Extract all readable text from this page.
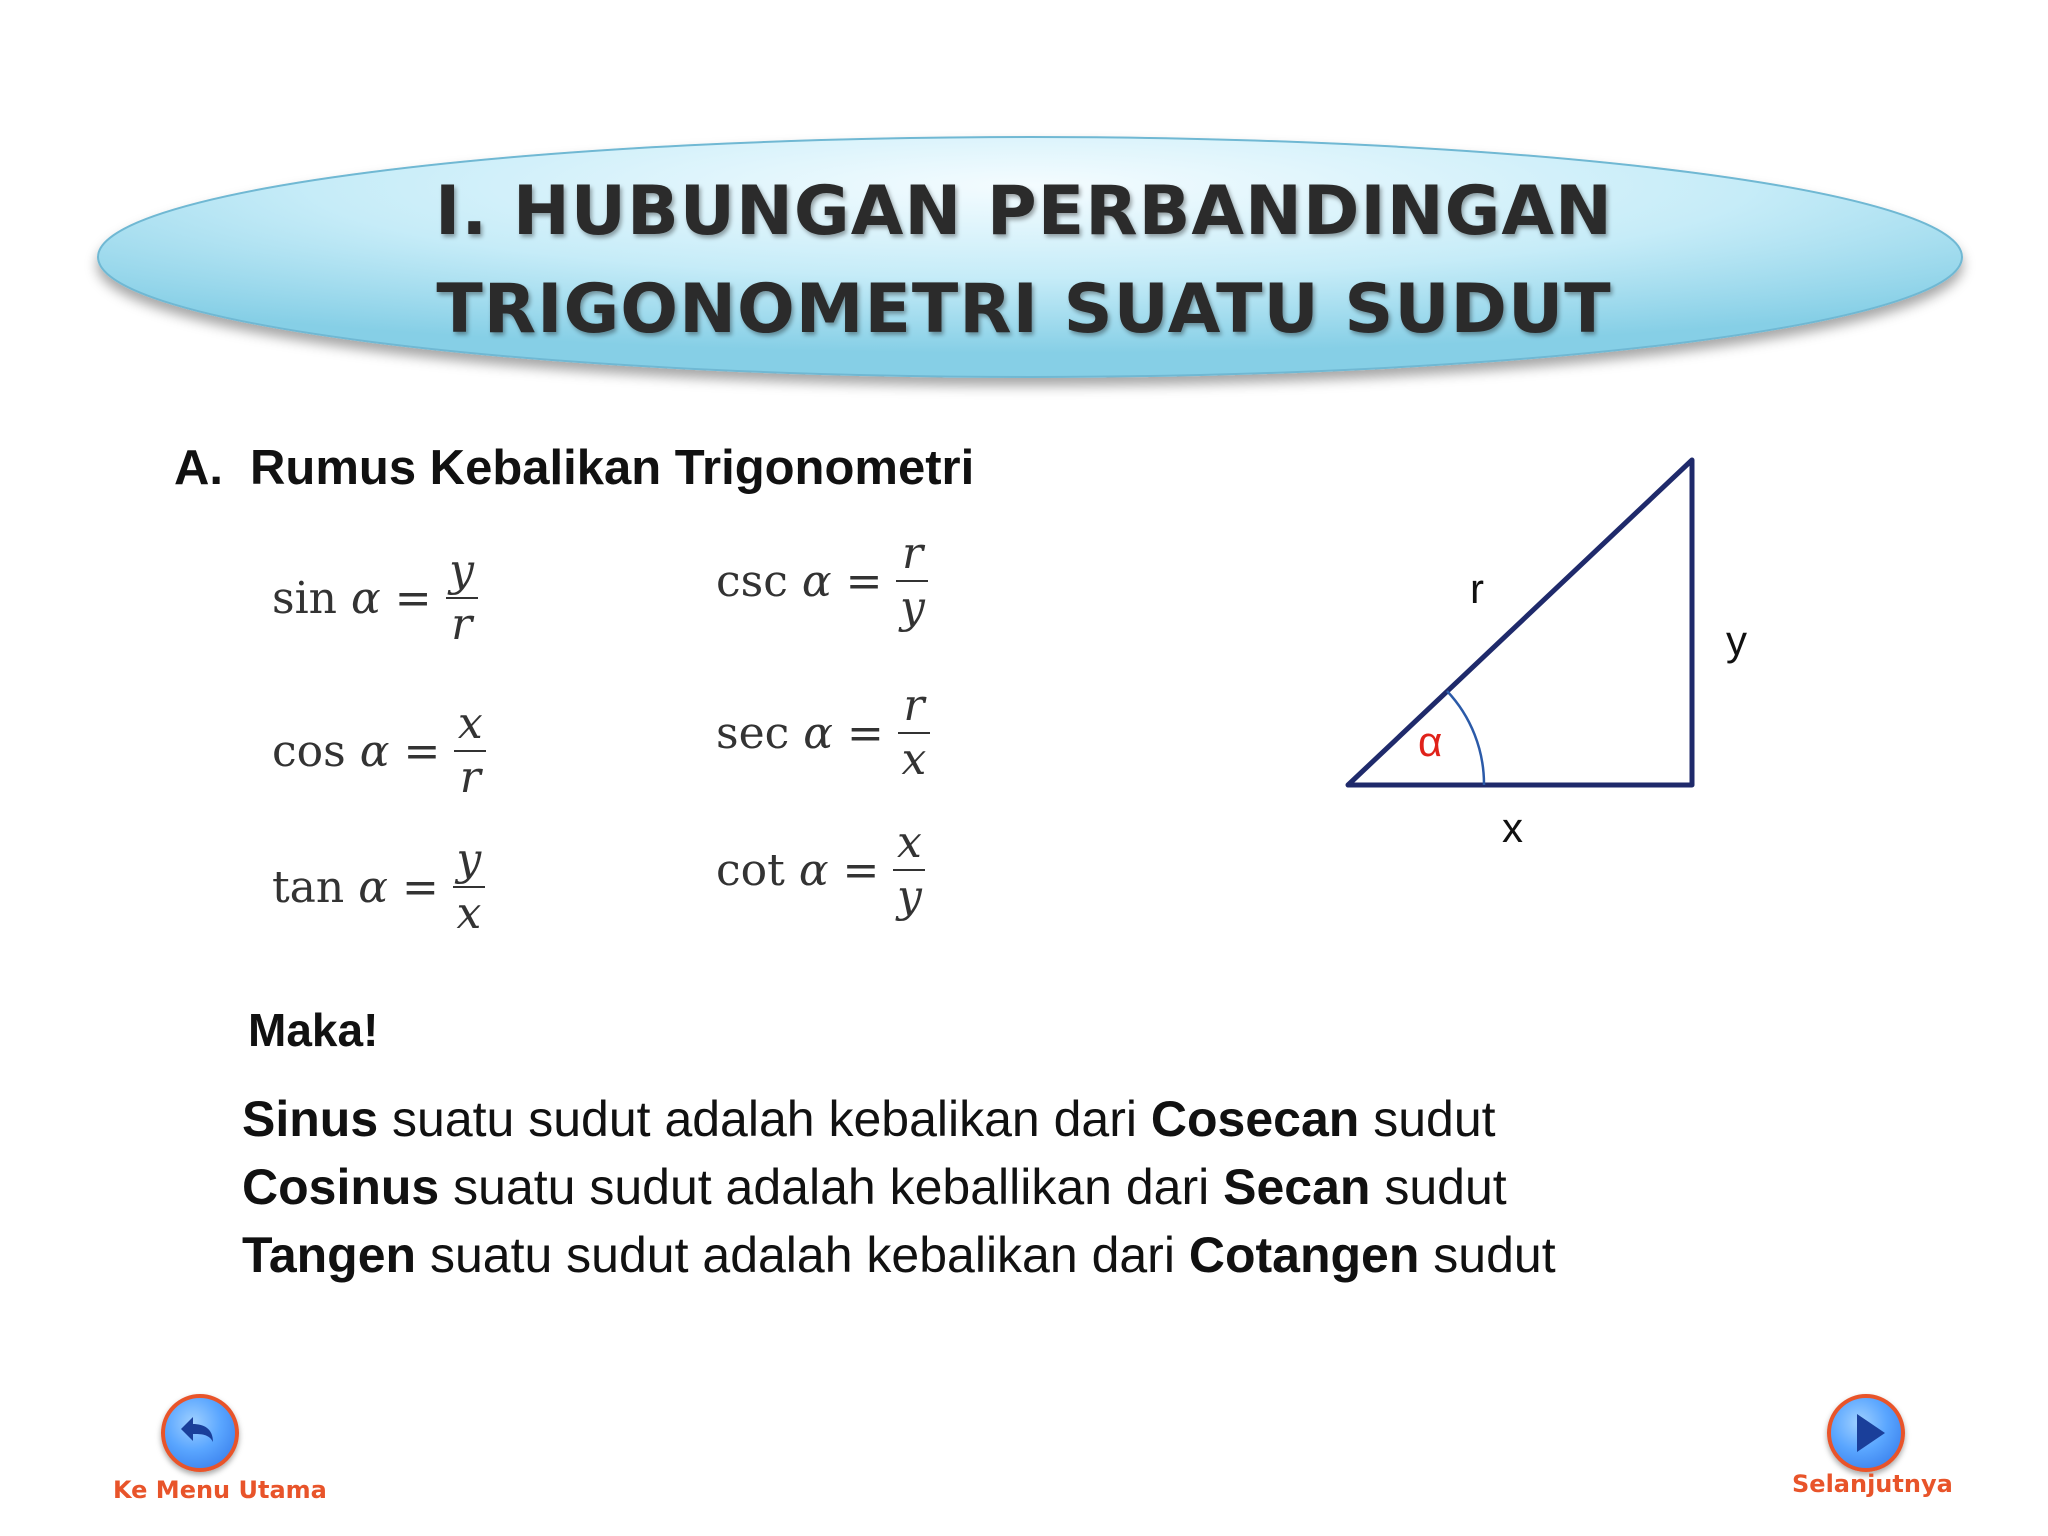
I. HUBUNGAN PERBANDINGAN
TRIGONOMETRI SUATU SUDUT
A. Rumus Kebalikan Trigonometri
$\sin \alpha = \frac{y}{r}$
$\cos \alpha = \frac{x}{r}$
$\tan \alpha = \frac{y}{x}$
$\csc \alpha = \frac{r}{y}$
$\sec \alpha = \frac{r}{x}$
$\cot \alpha = \frac{x}{y}$
r
y
x
α
Maka!
Sinus suatu sudut adalah kebalikan dari Cosecan sudut
Cosinus suatu sudut adalah keballikan dari Secan sudut
Tangen suatu sudut adalah kebalikan dari Cotangen sudut
Ke Menu Utama	Selanjutnya
